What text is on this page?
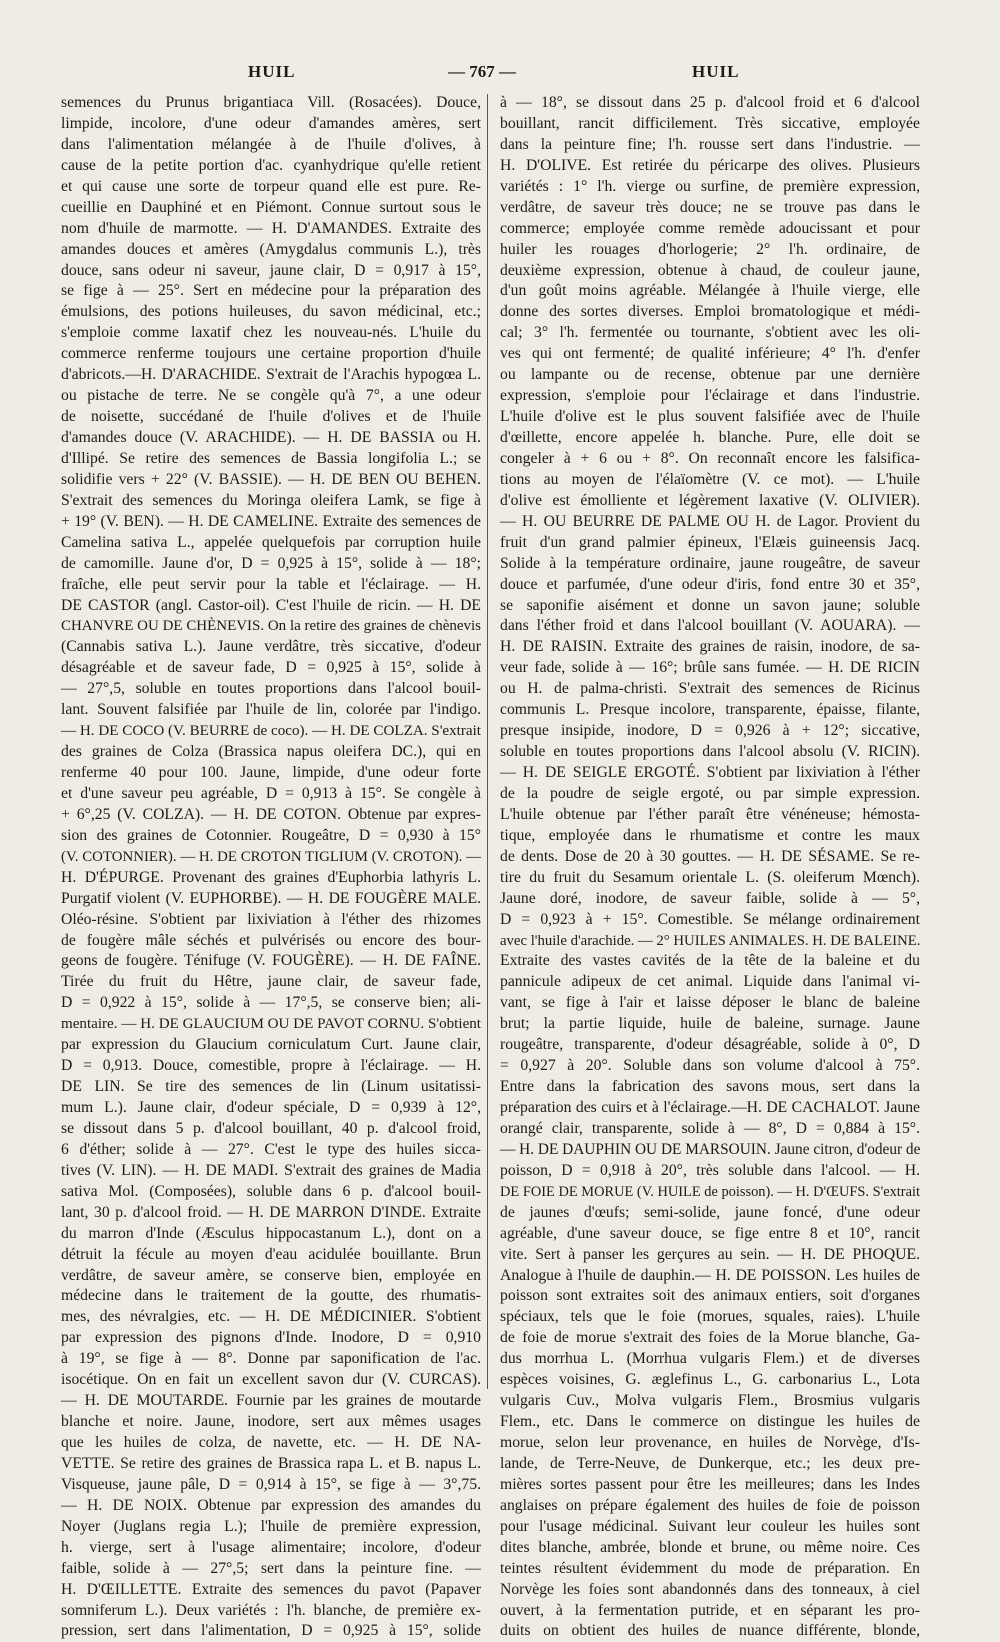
HUIL	— 767 —	HUIL
semences du Prunus brigantiaca Vill. (Rosacées). Douce,
limpide, incolore, d'une odeur d'amandes amères, sert
dans l'alimentation mélangée à de l'huile d'olives, à
cause de la petite portion d'ac. cyanhydrique qu'elle retient
et qui cause une sorte de torpeur quand elle est pure. Re-
cueillie en Dauphiné et en Piémont. Connue surtout sous le
nom d'huile de marmotte. — H. D'AMANDES. Extraite des
amandes douces et amères (Amygdalus communis L.), très
douce, sans odeur ni saveur, jaune clair, D = 0,917 à 15°,
se fige à — 25°. Sert en médecine pour la préparation des
émulsions, des potions huileuses, du savon médicinal, etc.;
s'emploie comme laxatif chez les nouveau-nés. L'huile du
commerce renferme toujours une certaine proportion d'huile
d'abricots.—H. D'ARACHIDE. S'extrait de l'Arachis hypogœa L.
ou pistache de terre. Ne se congèle qu'à 7°, a une odeur
de noisette, succédané de l'huile d'olives et de l'huile
d'amandes douce (V. ARACHIDE). — H. DE BASSIA ou H.
d'Illipé. Se retire des semences de Bassia longifolia L.; se
solidifie vers + 22° (V. BASSIE). — H. DE BEN OU BEHEN.
S'extrait des semences du Moringa oleifera Lamk, se fige à
+ 19° (V. BEN). — H. DE CAMELINE. Extraite des semences de
Camelina sativa L., appelée quelquefois par corruption huile
de camomille. Jaune d'or, D = 0,925 à 15°, solide à — 18°;
fraîche, elle peut servir pour la table et l'éclairage. — H.
DE CASTOR (angl. Castor-oil). C'est l'huile de ricin. — H. DE
CHANVRE OU DE CHÈNEVIS. On la retire des graines de chènevis
(Cannabis sativa L.). Jaune verdâtre, très siccative, d'odeur
désagréable et de saveur fade, D = 0,925 à 15°, solide à
— 27°,5, soluble en toutes proportions dans l'alcool bouil-
lant. Souvent falsifiée par l'huile de lin, colorée par l'indigo.
— H. DE COCO (V. BEURRE de coco). — H. DE COLZA. S'extrait
des graines de Colza (Brassica napus oleifera DC.), qui en
renferme 40 pour 100. Jaune, limpide, d'une odeur forte
et d'une saveur peu agréable, D = 0,913 à 15°. Se congèle à
+ 6°,25 (V. COLZA). — H. DE COTON. Obtenue par expres-
sion des graines de Cotonnier. Rougeâtre, D = 0,930 à 15°
(V. COTONNIER). — H. DE CROTON TIGLIUM (V. CROTON). —
H. D'ÉPURGE. Provenant des graines d'Euphorbia lathyris L.
Purgatif violent (V. EUPHORBE). — H. DE FOUGÈRE MALE.
Oléo-résine. S'obtient par lixiviation à l'éther des rhizomes
de fougère mâle séchés et pulvérisés ou encore des bour-
geons de fougère. Ténifuge (V. FOUGÈRE). — H. DE FAÎNE.
Tirée du fruit du Hêtre, jaune clair, de saveur fade,
D = 0,922 à 15°, solide à — 17°,5, se conserve bien; ali-
mentaire. — H. DE GLAUCIUM OU DE PAVOT CORNU. S'obtient
par expression du Glaucium corniculatum Curt. Jaune clair,
D = 0,913. Douce, comestible, propre à l'éclairage. — H.
DE LIN. Se tire des semences de lin (Linum usitatissi-
mum L.). Jaune clair, d'odeur spéciale, D = 0,939 à 12°,
se dissout dans 5 p. d'alcool bouillant, 40 p. d'alcool froid,
6 d'éther; solide à — 27°. C'est le type des huiles sicca-
tives (V. LIN). — H. DE MADI. S'extrait des graines de Madia
sativa Mol. (Composées), soluble dans 6 p. d'alcool bouil-
lant, 30 p. d'alcool froid. — H. DE MARRON D'INDE. Extraite
du marron d'Inde (Æsculus hippocastanum L.), dont on a
détruit la fécule au moyen d'eau acidulée bouillante. Brun
verdâtre, de saveur amère, se conserve bien, employée en
médecine dans le traitement de la goutte, des rhumatis-
mes, des névralgies, etc. — H. DE MÉDICINIER. S'obtient
par expression des pignons d'Inde. Inodore, D = 0,910
à 19°, se fige à — 8°. Donne par saponification de l'ac.
isocétique. On en fait un excellent savon dur (V. CURCAS).
— H. DE MOUTARDE. Fournie par les graines de moutarde
blanche et noire. Jaune, inodore, sert aux mêmes usages
que les huiles de colza, de navette, etc. — H. DE NA-
VETTE. Se retire des graines de Brassica rapa L. et B. napus L.
Visqueuse, jaune pâle, D = 0,914 à 15°, se fige à — 3°,75.
— H. DE NOIX. Obtenue par expression des amandes du
Noyer (Juglans regia L.); l'huile de première expression,
h. vierge, sert à l'usage alimentaire; incolore, d'odeur
faible, solide à — 27°,5; sert dans la peinture fine. —
H. D'ŒILLETTE. Extraite des semences du pavot (Papaver
somniferum L.). Deux variétés : l'h. blanche, de première ex-
pression, sert dans l'alimentation, D = 0,925 à 15°, solide
à — 18°, se dissout dans 25 p. d'alcool froid et 6 d'alcool
bouillant, rancit difficilement. Très siccative, employée
dans la peinture fine; l'h. rousse sert dans l'industrie. —
H. D'OLIVE. Est retirée du péricarpe des olives. Plusieurs
variétés : 1° l'h. vierge ou surfine, de première expression,
verdâtre, de saveur très douce; ne se trouve pas dans le
commerce; employée comme remède adoucissant et pour
huiler les rouages d'horlogerie; 2° l'h. ordinaire, de
deuxième expression, obtenue à chaud, de couleur jaune,
d'un goût moins agréable. Mélangée à l'huile vierge, elle
donne des sortes diverses. Emploi bromatologique et médi-
cal; 3° l'h. fermentée ou tournante, s'obtient avec les oli-
ves qui ont fermenté; de qualité inférieure; 4° l'h. d'enfer
ou lampante ou de recense, obtenue par une dernière
expression, s'emploie pour l'éclairage et dans l'industrie.
L'huile d'olive est le plus souvent falsifiée avec de l'huile
d'œillette, encore appelée h. blanche. Pure, elle doit se
congeler à + 6 ou + 8°. On reconnaît encore les falsifica-
tions au moyen de l'élaïomètre (V. ce mot). — L'huile
d'olive est émolliente et légèrement laxative (V. OLIVIER).
— H. OU BEURRE DE PALME OU H. de Lagor. Provient du
fruit d'un grand palmier épineux, l'Elæis guineensis Jacq.
Solide à la température ordinaire, jaune rougeâtre, de saveur
douce et parfumée, d'une odeur d'iris, fond entre 30 et 35°,
se saponifie aisément et donne un savon jaune; soluble
dans l'éther froid et dans l'alcool bouillant (V. AOUARA). —
H. DE RAISIN. Extraite des graines de raisin, inodore, de sa-
veur fade, solide à — 16°; brûle sans fumée. — H. DE RICIN
ou H. de palma-christi. S'extrait des semences de Ricinus
communis L. Presque incolore, transparente, épaisse, filante,
presque insipide, inodore, D = 0,926 à + 12°; siccative,
soluble en toutes proportions dans l'alcool absolu (V. RICIN).
— H. DE SEIGLE ERGOTÉ. S'obtient par lixiviation à l'éther
de la poudre de seigle ergoté, ou par simple expression.
L'huile obtenue par l'éther paraît être vénéneuse; hémosta-
tique, employée dans le rhumatisme et contre les maux
de dents. Dose de 20 à 30 gouttes. — H. DE SÉSAME. Se re-
tire du fruit du Sesamum orientale L. (S. oleiferum Mœnch).
Jaune doré, inodore, de saveur faible, solide à — 5°,
D = 0,923 à + 15°. Comestible. Se mélange ordinairement
avec l'huile d'arachide. — 2° HUILES ANIMALES. H. DE BALEINE.
Extraite des vastes cavités de la tête de la baleine et du
pannicule adipeux de cet animal. Liquide dans l'animal vi-
vant, se fige à l'air et laisse déposer le blanc de baleine
brut; la partie liquide, huile de baleine, surnage. Jaune
rougeâtre, transparente, d'odeur désagréable, solide à 0°, D
= 0,927 à 20°. Soluble dans son volume d'alcool à 75°.
Entre dans la fabrication des savons mous, sert dans la
préparation des cuirs et à l'éclairage.—H. DE CACHALOT. Jaune
orangé clair, transparente, solide à — 8°, D = 0,884 à 15°.
— H. DE DAUPHIN OU DE MARSOUIN. Jaune citron, d'odeur de
poisson, D = 0,918 à 20°, très soluble dans l'alcool. — H.
DE FOIE DE MORUE (V. HUILE de poisson). — H. D'ŒUFS. S'extrait
de jaunes d'œufs; semi-solide, jaune foncé, d'une odeur
agréable, d'une saveur douce, se fige entre 8 et 10°, rancit
vite. Sert à panser les gerçures au sein. — H. DE PHOQUE.
Analogue à l'huile de dauphin.— H. DE POISSON. Les huiles de
poisson sont extraites soit des animaux entiers, soit d'organes
spéciaux, tels que le foie (morues, squales, raies). L'huile
de foie de morue s'extrait des foies de la Morue blanche, Ga-
dus morrhua L. (Morrhua vulgaris Flem.) et de diverses
espèces voisines, G. æglefinus L., G. carbonarius L., Lota
vulgaris Cuv., Molva vulgaris Flem., Brosmius vulgaris
Flem., etc. Dans le commerce on distingue les huiles de
morue, selon leur provenance, en huiles de Norvège, d'Is-
lande, de Terre-Neuve, de Dunkerque, etc.; les deux pre-
mières sortes passent pour être les meilleures; dans les Indes
anglaises on prépare également des huiles de foie de poisson
pour l'usage médicinal. Suivant leur couleur les huiles sont
dites blanche, ambrée, blonde et brune, ou même noire. Ces
teintes résultent évidemment du mode de préparation. En
Norvège les foies sont abandonnés dans des tonneaux, à ciel
ouvert, à la fermentation putride, et en séparant les pro-
duits on obtient des huiles de nuance différente, blonde,
